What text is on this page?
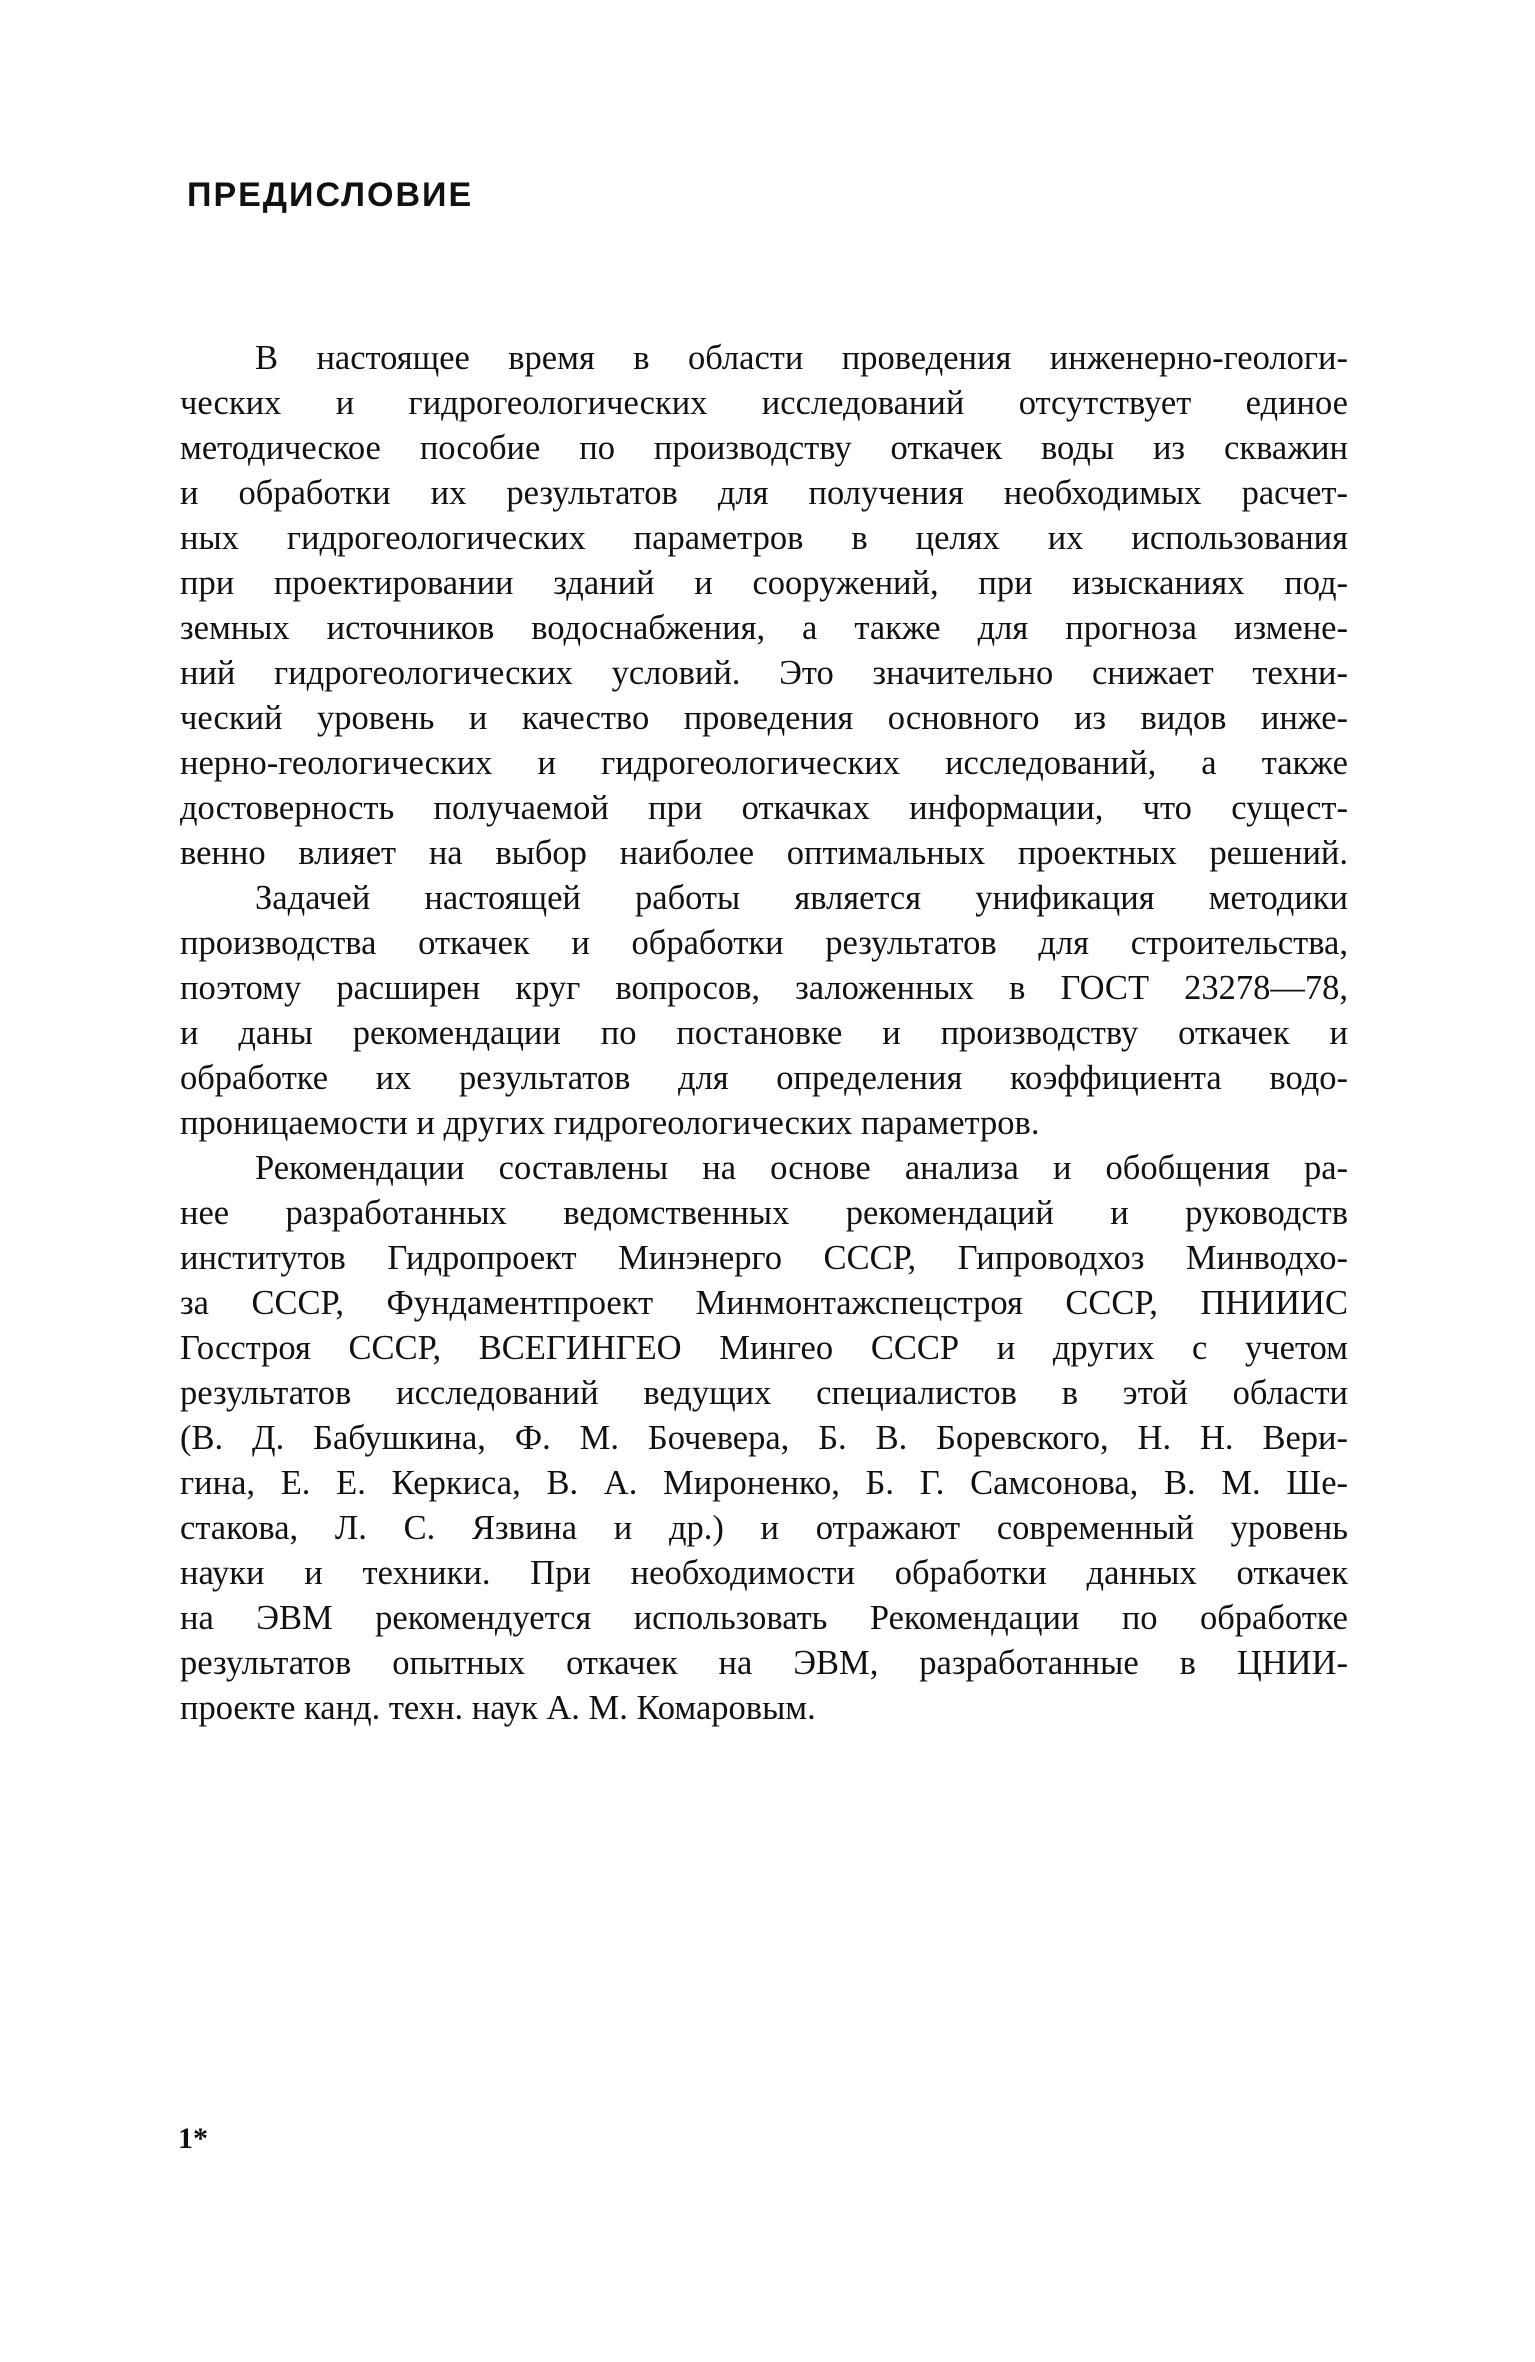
ПРЕДИСЛОВИЕ
В настоящее время в области проведения инженерно-геологи-
ческих и гидрогеологических исследований отсутствует единое
методическое пособие по производству откачек воды из скважин
и обработки их результатов для получения необходимых расчет-
ных гидрогеологических параметров в целях их использования
при проектировании зданий и сооружений, при изысканиях под-
земных источников водоснабжения, а также для прогноза измене-
ний гидрогеологических условий. Это значительно снижает техни-
ческий уровень и качество проведения основного из видов инже-
нерно-геологических и гидрогеологических исследований, а также
достоверность получаемой при откачках информации, что сущест-
венно влияет на выбор наиболее оптимальных проектных решений.
Задачей настоящей работы является унификация методики
производства откачек и обработки результатов для строительства,
поэтому расширен круг вопросов, заложенных в ГОСТ 23278—78,
и даны рекомендации по постановке и производству откачек и
обработке их результатов для определения коэффициента водо-
проницаемости и других гидрогеологических параметров.
Рекомендации составлены на основе анализа и обобщения ра-
нее разработанных ведомственных рекомендаций и руководств
институтов Гидропроект Минэнерго СССР, Гипроводхоз Минводхо-
за СССР, Фундаментпроект Минмонтажспецстроя СССР, ПНИИИС
Госстроя СССР, ВСЕГИНГЕО Мингео СССР и других с учетом
результатов исследований ведущих специалистов в этой области
(В. Д. Бабушкина, Ф. М. Бочевера, Б. В. Боревского, Н. Н. Вери-
гина, Е. Е. Керкиса, В. А. Мироненко, Б. Г. Самсонова, В. М. Ше-
стакова, Л. С. Язвина и др.) и отражают современный уровень
науки и техники. При необходимости обработки данных откачек
на ЭВМ рекомендуется использовать Рекомендации по обработке
результатов опытных откачек на ЭВМ, разработанные в ЦНИИ-
проекте канд. техн. наук А. М. Комаровым.
1*
